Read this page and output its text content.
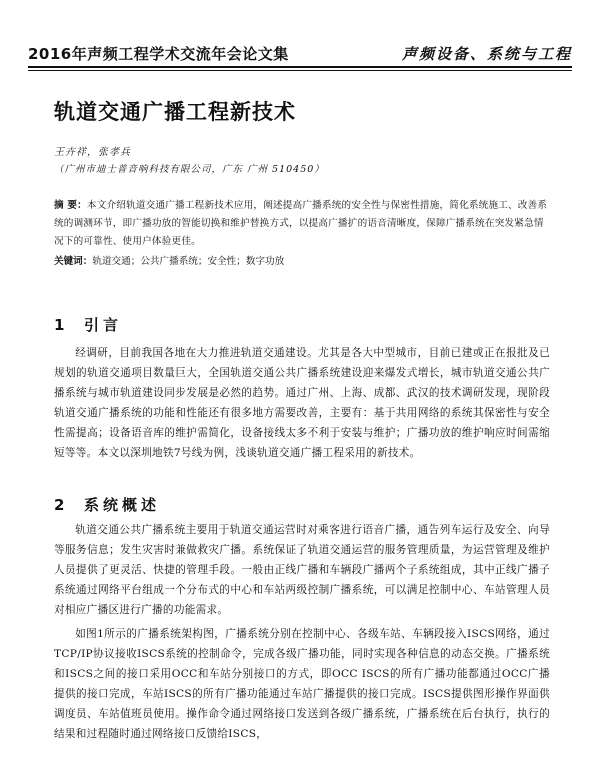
2016年声频工程学术交流年会论文集	声频设备、系统与工程
轨道交通广播工程新技术
王卉祥，张孝兵
（广州市迪士普音响科技有限公司，广东 广州 510450）
摘 要：本文介绍轨道交通广播工程新技术应用，阐述提高广播系统的安全性与保密性措施，简化系统施工、改善系统的调测环节，即广播功放的智能切换和维护替换方式，以提高广播扩的语音清晰度，保障广播系统在突发紧急情况下的可靠性、使用户体验更佳。
关键词：轨道交通；公共广播系统；安全性；数字功放
1 引言

经调研，目前我国各地在大力推进轨道交通建设。尤其是各大中型城市，目前已建或正在报批及已规划的轨道交通项目数量巨大，全国轨道交通公共广播系统建设迎来爆发式增长，城市轨道交通公共广播系统与城市轨道建设同步发展是必然的趋势。通过广州、上海、成都、武汉的技术调研发现，现阶段轨道交通广播系统的功能和性能还有很多地方需要改善，主要有：基于共用网络的系统其保密性与安全性需提高；设备语音库的维护需简化，设备接线太多不利于安装与维护；广播功放的维护响应时间需缩短等等。本文以深圳地铁7号线为例，浅谈轨道交通广播工程采用的新技术。

2 系统概述

轨道交通公共广播系统主要用于轨道交通运营时对乘客进行语音广播，通告列车运行及安全、向导等服务信息；发生灾害时兼做救灾广播。系统保证了轨道交通运营的服务管理质量，为运营管理及维护人员提供了更灵活、快捷的管理手段。一般由正线广播和车辆段广播两个子系统组成，其中正线广播子系统通过网络平台组成一个分布式的中心和车站两级控制广播系统，可以满足控制中心、车站管理人员对相应广播区进行广播的功能需求。

如图1所示的广播系统架构图，广播系统分别在控制中心、各级车站、车辆段接入ISCS网络，通过TCP/IP协议接收ISCS系统的控制命令，完成各级广播功能，同时实现各种信息的动态交换。广播系统和ISCS之间的接口采用OCC和车站分别接口的方式，即OCC ISCS的所有广播功能都通过OCC广播提供的接口完成，车站ISCS的所有广播功能通过车站广播提供的接口完成。ISCS提供图形操作界面供调度员、车站值班员使用。操作命令通过网络接口发送到各级广播系统，广播系统在后台执行，执行的结果和过程随时通过网络接口反馈给ISCS，
